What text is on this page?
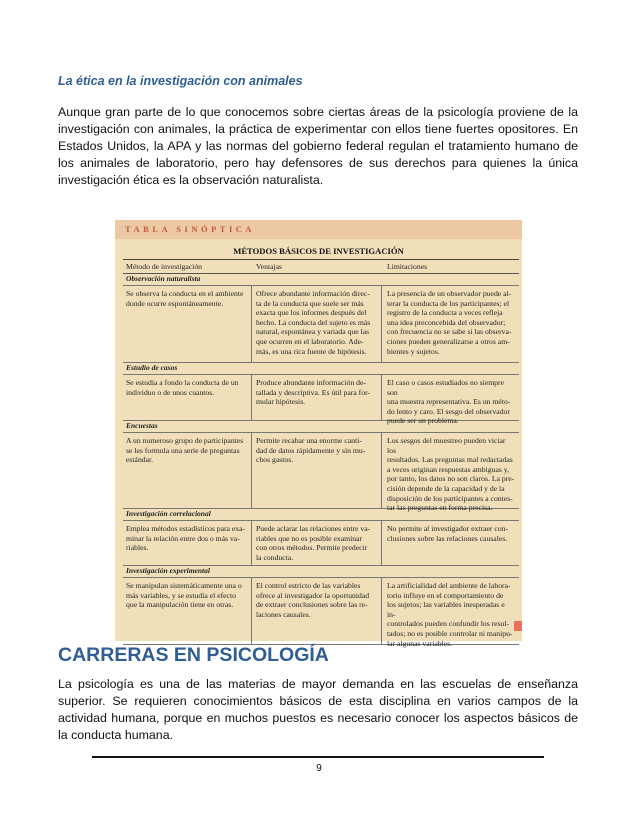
La ética en la investigación con animales
Aunque gran parte de lo que conocemos sobre ciertas áreas de la psicología proviene de la investigación con animales, la práctica de experimentar con ellos tiene fuertes opositores. En Estados Unidos, la APA y las normas del gobierno federal regulan el tratamiento humano de los animales de laboratorio, pero hay defensores de sus derechos para quienes la única investigación ética es la observación naturalista.
TABLA SINÓPTICA
MÉTODOS BÁSICOS DE INVESTIGACIÓN
Método de investigación	Ventajas	Limitaciones
Observación naturalista
Se observa la conducta en el ambiente
donde ocurre espontáneamente.
Ofrece abundante información direc-
ta de la conducta que suele ser más
exacta que los informes después del
hecho. La conducta del sujeto es más
natural, espontánea y variada que las
que ocurren en el laboratorio. Ade-
más, es una rica fuente de hipótesis.
La presencia de un observador puede al-
terar la conducta de los participantes; el
registro de la conducta a veces refleja
una idea preconcebida del observador;
con frecuencia no se sabe si las observa-
ciones pueden generalizarse a otros am-
bientes y sujetos.
Estudio de casos
Se estudia a fondo la conducta de un
individuo o de unos cuantos.
Produce abundante información de-
tallada y descriptiva. Es útil para for-
mular hipótesis.
El caso o casos estudiados no siempre son
una muestra representativa. Es un méto-
do lento y caro. El sesgo del observador
puede ser un problema.
Encuestas
A un numeroso grupo de participantes
se les formula una serie de preguntas
estándar.
Permite recabar una enorme canti-
dad de datos rápidamente y sin mu-
chos gastos.
Los sesgos del muestreo pueden viciar los
resultados. Las preguntas mal redactadas
a veces originan respuestas ambiguas y,
por tanto, los datos no son claros. La pre-
cisión depende de la capacidad y de la
disposición de los participantes a contes-
tar las preguntas en forma precisa.
Investigación correlacional
Emplea métodos estadísticos para exa-
minar la relación entre dos o más va-
riables.
Puede aclarar las relaciones entre va-
riables que no es posible examinar
con otros métodos. Permite predecir
la conducta.
No permite al investigador extraer con-
clusiones sobre las relaciones causales.
Investigación experimental
Se manipulan sistemáticamente una o
más variables, y se estudia el efecto
que la manipulación tiene en otras.
El control estricto de las variables
ofrece al investigador la oportunidad
de extraer conclusiones sobre las re-
laciones causales.
La artificialidad del ambiente de labora-
torio influye en el comportamiento de
los sujetos; las variables inesperadas e in-
controlados pueden confundir los resul-
tados; no es posible controlar ni manipu-
lar algunas variables.
CARRERAS EN PSICOLOGÍA
La psicología es una de las materias de mayor demanda en las escuelas de enseñanza superior. Se requieren conocimientos básicos de esta disciplina en varios campos de la actividad humana, porque en muchos puestos es necesario conocer los aspectos básicos de la conducta humana.
9
